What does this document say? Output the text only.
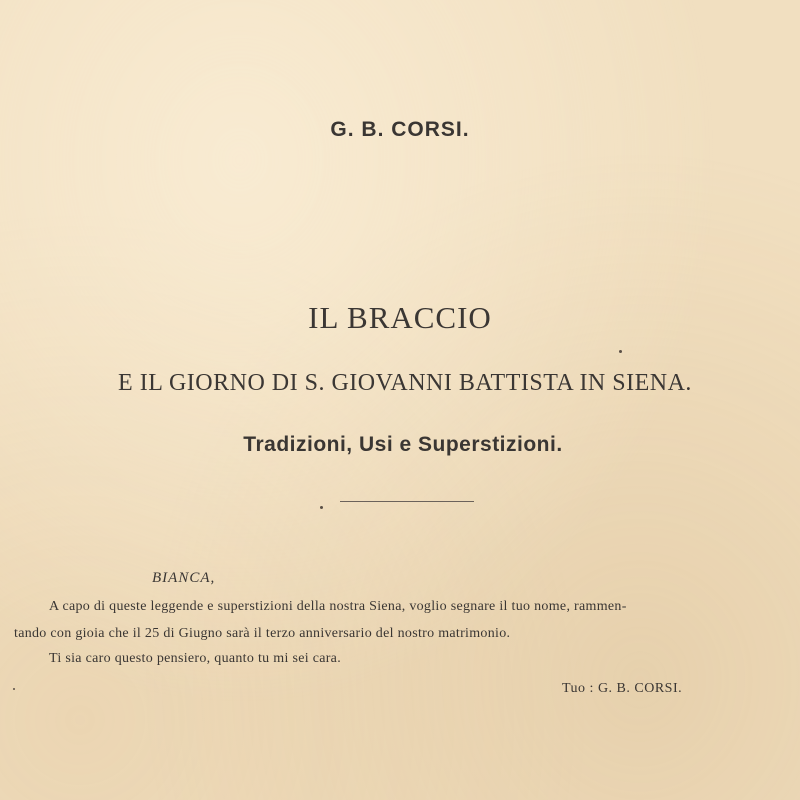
G. B. CORSI.
IL BRACCIO
E IL GIORNO DI S. GIOVANNI BATTISTA IN SIENA.
Tradizioni, Usi e Superstizioni.
BIANCA,
A capo di queste leggende e superstizioni della nostra Siena, voglio segnare il tuo nome, rammen-
tando con gioia che il 25 di Giugno sarà il terzo anniversario del nostro matrimonio.
Ti sia caro questo pensiero, quanto tu mi sei cara.
Tuo : G. B. CORSI.
